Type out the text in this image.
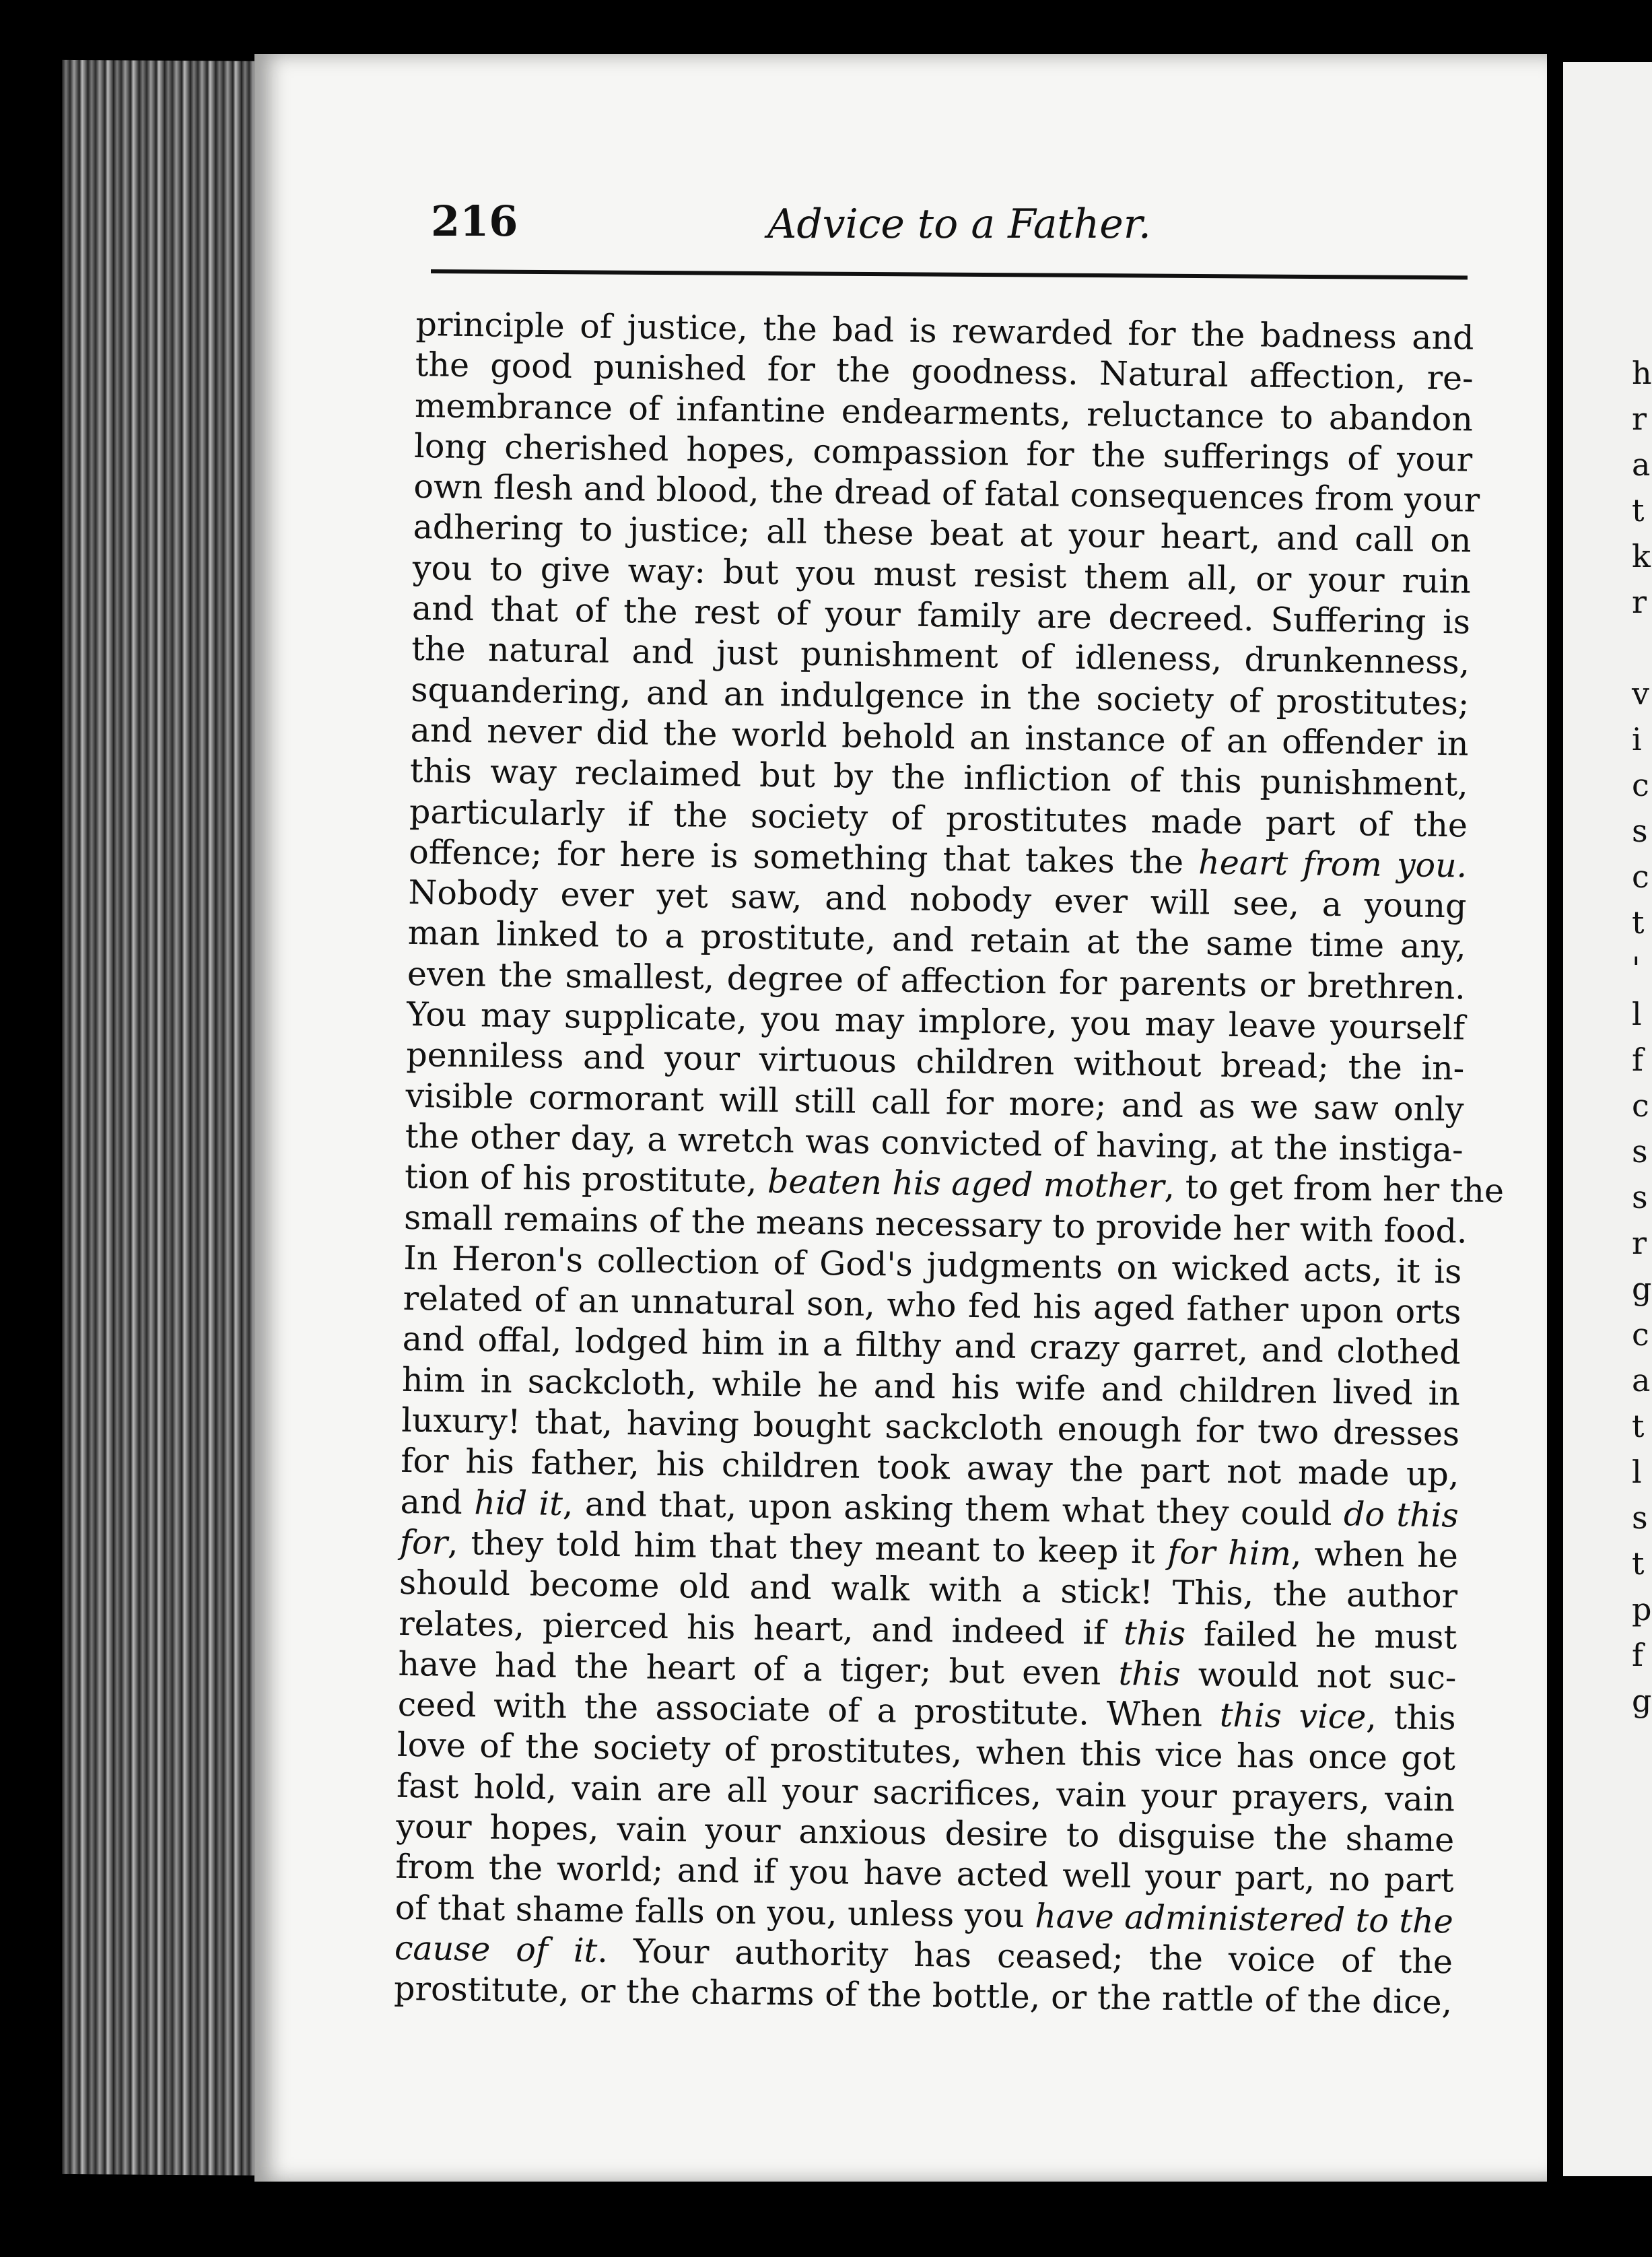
h
r
a
t
k
r
v
i
c
s
c
t
'
l
f
c
s
s
r
g
c
a
t
l
s
t
p
f
g
216	Advice to a Father.
principle of justice, the bad is rewarded for the badness and
the good punished for the goodness. Natural affection, re-
membrance of infantine endearments, reluctance to abandon
long cherished hopes, compassion for the sufferings of your
own flesh and blood, the dread of fatal consequences from your
adhering to justice; all these beat at your heart, and call on
you to give way: but you must resist them all, or your ruin
and that of the rest of your family are decreed. Suffering is
the natural and just punishment of idleness, drunkenness,
squandering, and an indulgence in the society of prostitutes;
and never did the world behold an instance of an offender in
this way reclaimed but by the infliction of this punishment,
particularly if the society of prostitutes made part of the
offence; for here is something that takes the heart from you.
Nobody ever yet saw, and nobody ever will see, a young
man linked to a prostitute, and retain at the same time any,
even the smallest, degree of affection for parents or brethren.
You may supplicate, you may implore, you may leave yourself
penniless and your virtuous children without bread; the in-
visible cormorant will still call for more; and as we saw only
the other day, a wretch was convicted of having, at the instiga-
tion of his prostitute, beaten his aged mother, to get from her the
small remains of the means necessary to provide her with food.
In Heron's collection of God's judgments on wicked acts, it is
related of an unnatural son, who fed his aged father upon orts
and offal, lodged him in a filthy and crazy garret, and clothed
him in sackcloth, while he and his wife and children lived in
luxury! that, having bought sackcloth enough for two dresses
for his father, his children took away the part not made up,
and hid it, and that, upon asking them what they could do this
for, they told him that they meant to keep it for him, when he
should become old and walk with a stick! This, the author
relates, pierced his heart, and indeed if this failed he must
have had the heart of a tiger; but even this would not suc-
ceed with the associate of a prostitute. When this vice, this
love of the society of prostitutes, when this vice has once got
fast hold, vain are all your sacrifices, vain your prayers, vain
your hopes, vain your anxious desire to disguise the shame
from the world; and if you have acted well your part, no part
of that shame falls on you, unless you have administered to the
cause of it. Your authority has ceased; the voice of the
prostitute, or the charms of the bottle, or the rattle of the dice,
